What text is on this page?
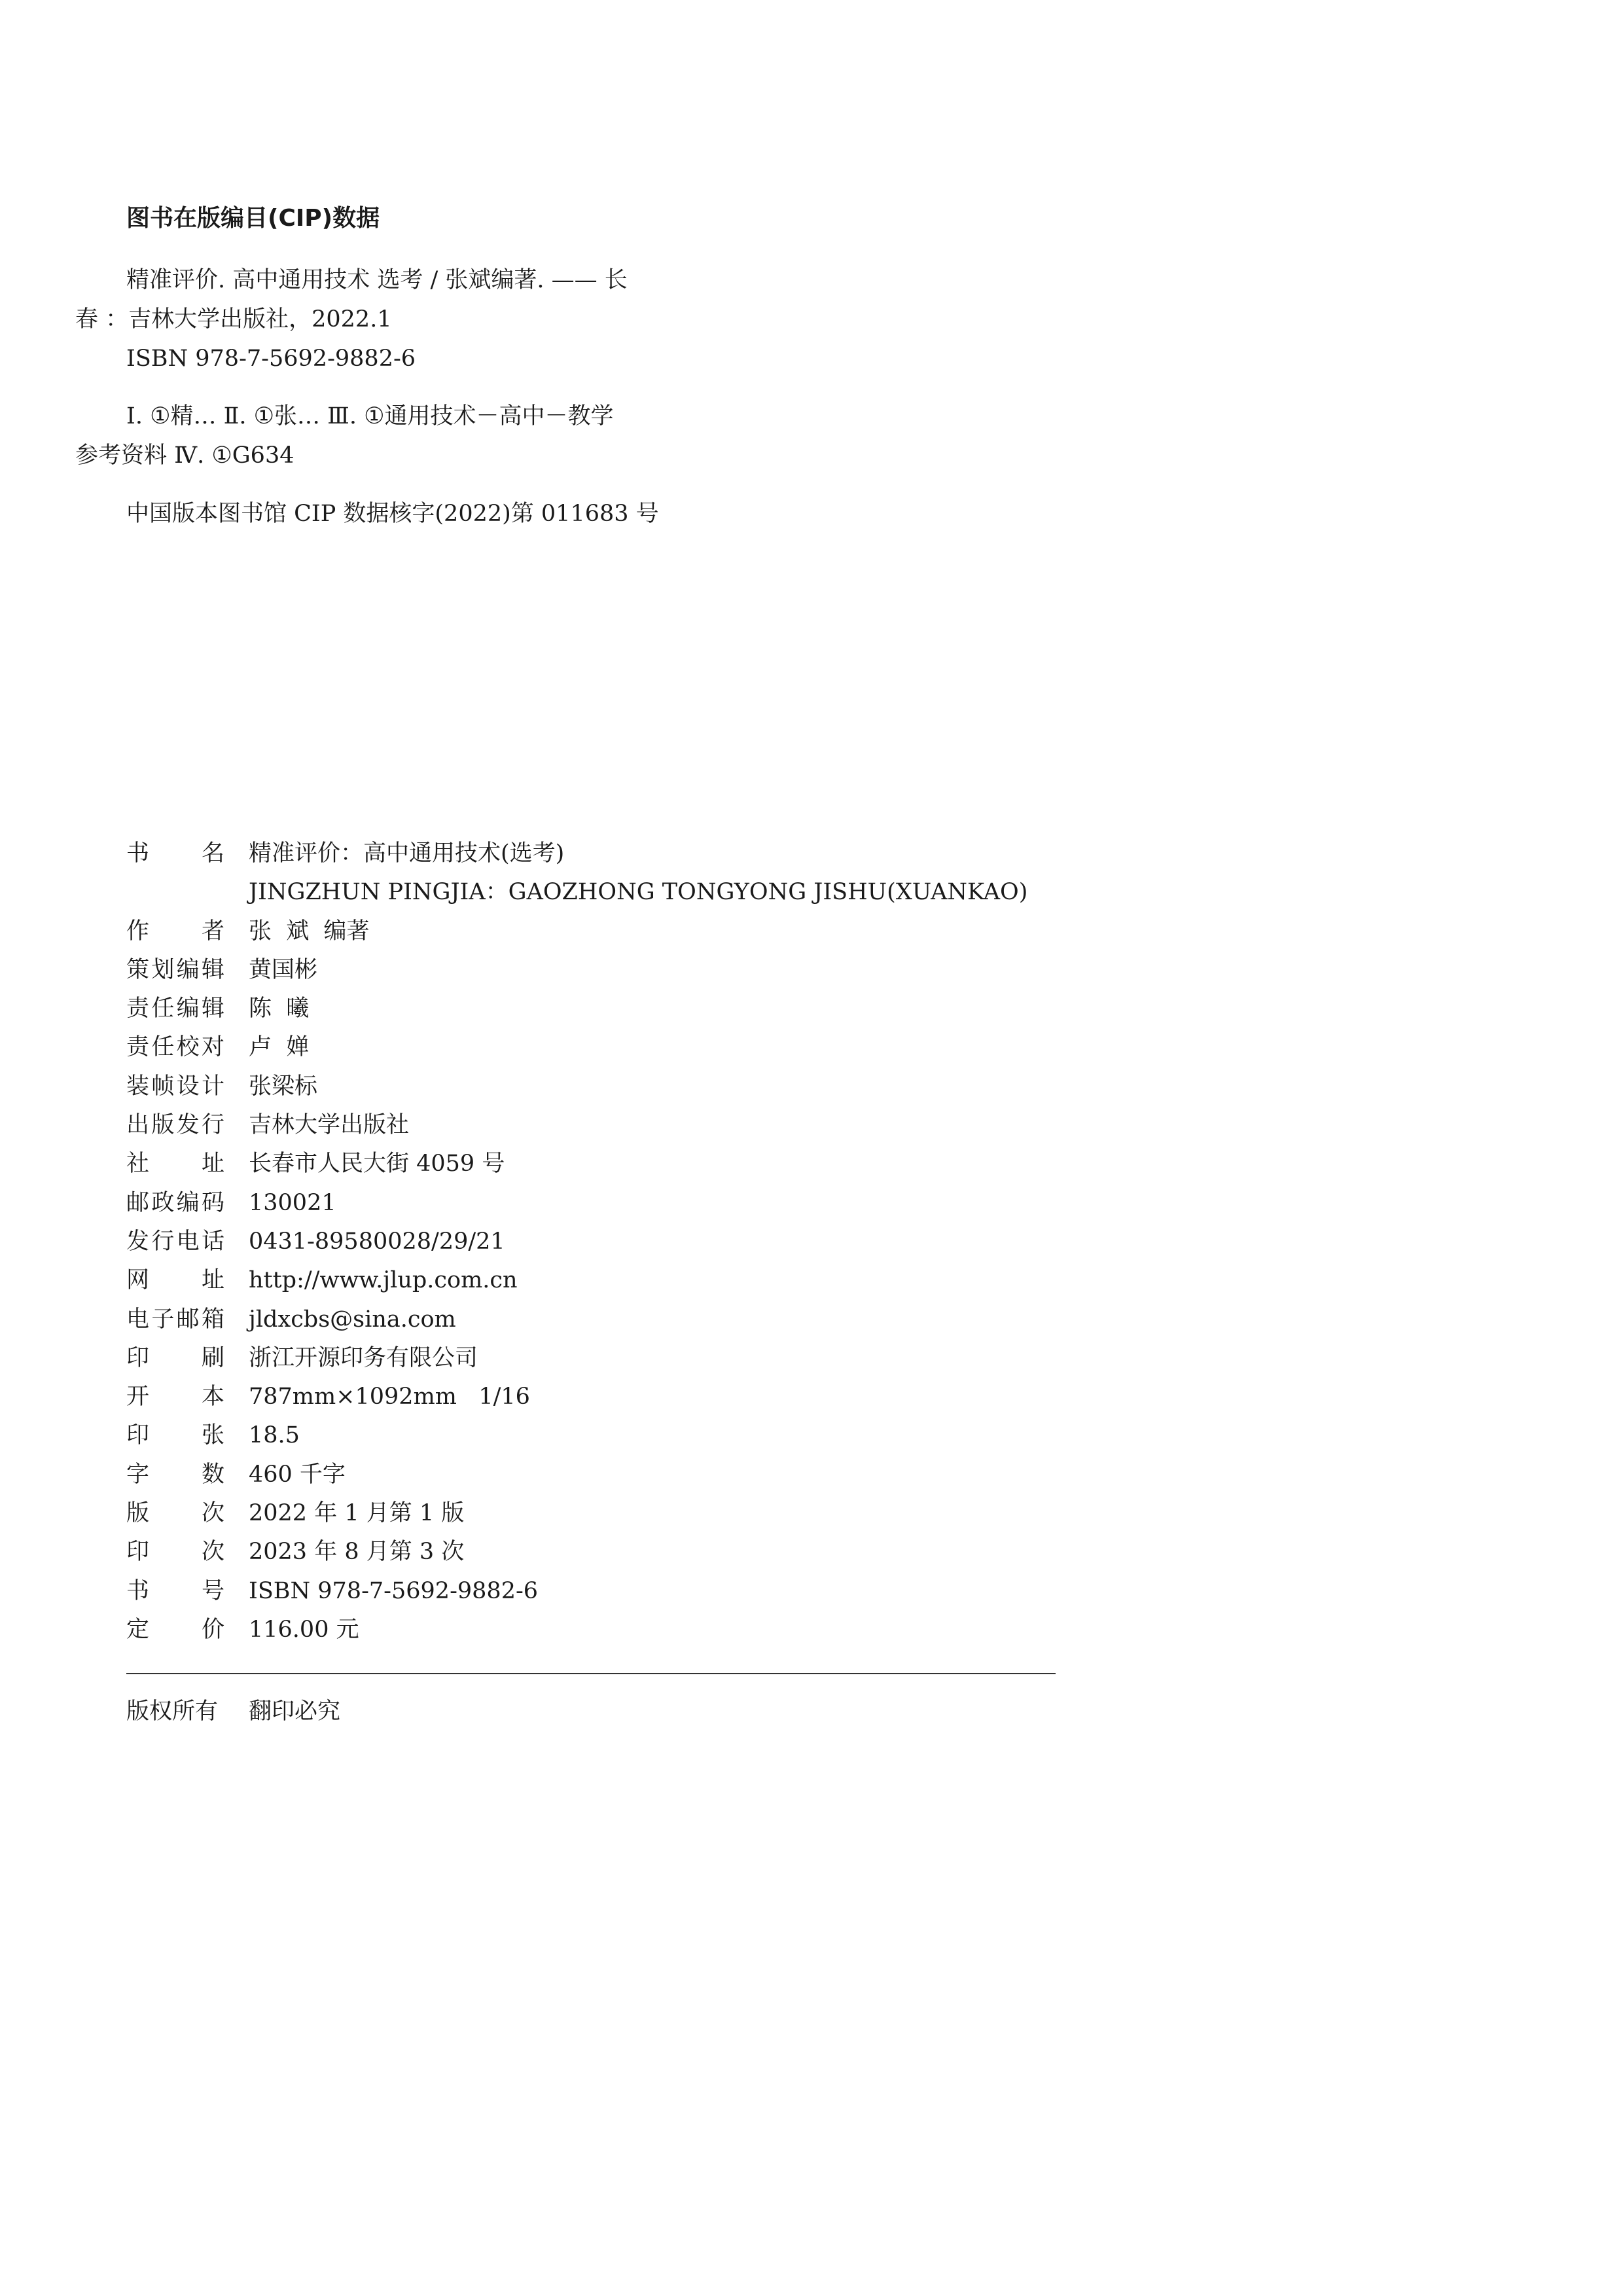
图书在版编目(CIP)数据
精准评价. 高中通用技术 选考 / 张斌编著. —— 长
春 ：吉林大学出版社，2022.1
ISBN 978-7-5692-9882-6
Ⅰ. ①精… Ⅱ. ①张… Ⅲ. ①通用技术－高中－教学
参考资料 Ⅳ. ①G634
中国版本图书馆 CIP 数据核字(2022)第 011683 号
书名 精准评价：高中通用技术(选考)
JINGZHUN PINGJIA：GAOZHONG TONGYONG JISHU(XUANKAO)
作者 张  斌  编著
策划编辑 黄国彬
责任编辑 陈  曦
责任校对 卢  婵
装帧设计 张梁标
出版发行 吉林大学出版社
社址 长春市人民大街 4059 号
邮政编码 130021
发行电话 0431-89580028/29/21
网址 http://www.jlup.com.cn
电子邮箱 jldxcbs@sina.com
印刷 浙江开源印务有限公司
开本 787mm×1092mm   1/16
印张 18.5
字数 460 千字
版次 2022 年 1 月第 1 版
印次 2023 年 8 月第 3 次
书号 ISBN 978-7-5692-9882-6
定价 116.00 元
版权所有 翻印必究
